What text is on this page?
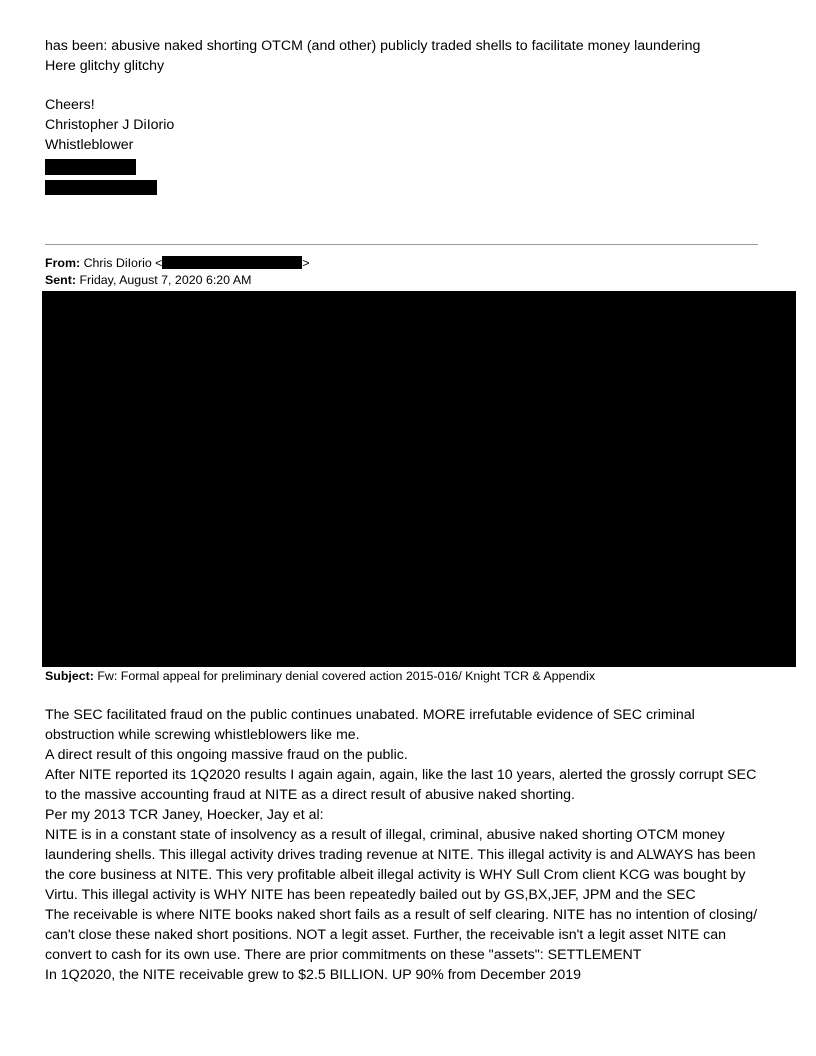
has been: abusive naked shorting OTCM (and other) publicly traded shells to facilitate money laundering
Here glitchy glitchy
Cheers!
Christopher J DiIorio
Whistleblower
From: Chris DiIorio <	>
Sent: Friday, August 7, 2020 6:20 AM
Subject: Fw: Formal appeal for preliminary denial covered action 2015-016/ Knight TCR & Appendix
The SEC facilitated fraud on the public continues unabated. MORE irrefutable evidence of SEC criminal
obstruction while screwing whistleblowers like me.
A direct result of this ongoing massive fraud on the public.
After NITE reported its 1Q2020 results I again again, again, like the last 10 years, alerted the grossly corrupt SEC
to the massive accounting fraud at NITE as a direct result of abusive naked shorting.
Per my 2013 TCR Janey, Hoecker, Jay et al:
NITE is in a constant state of insolvency as a result of illegal, criminal, abusive naked shorting OTCM money
laundering shells. This illegal activity drives trading revenue at NITE. This illegal activity is and ALWAYS has been
the core business at NITE. This very profitable albeit illegal activity is WHY Sull Crom client KCG was bought by
Virtu. This illegal activity is WHY NITE has been repeatedly bailed out by GS,BX,JEF, JPM and the SEC
The receivable is where NITE books naked short fails as a result of self clearing. NITE has no intention of closing/
can't close these naked short positions. NOT a legit asset. Further, the receivable isn't a legit asset NITE can
convert to cash for its own use. There are prior commitments on these "assets": SETTLEMENT
In 1Q2020, the NITE receivable grew to $2.5 BILLION. UP 90% from December 2019
